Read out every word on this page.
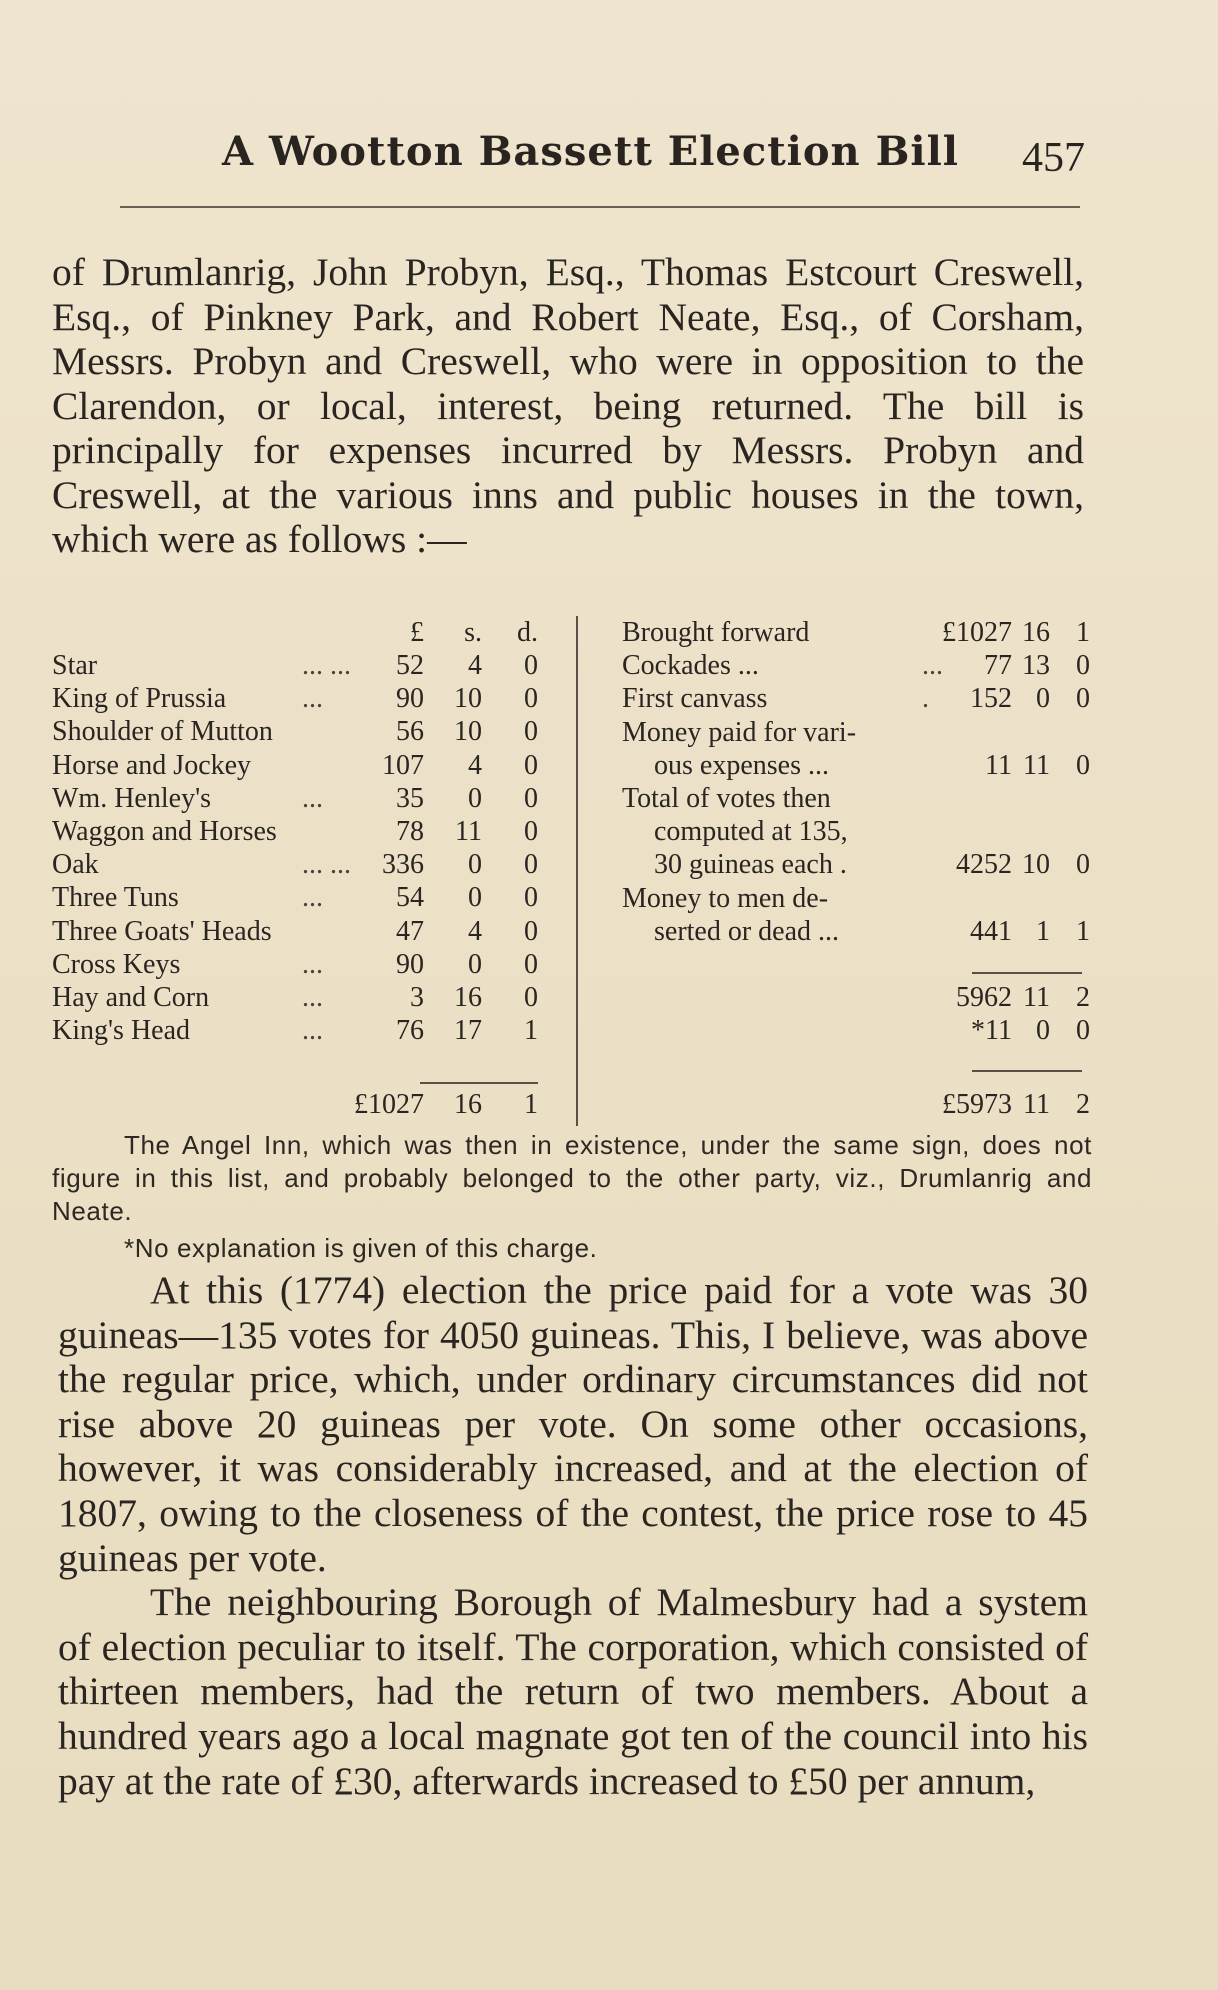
A Wootton Bassett Election Bill 457

of Drumlanrig, John Probyn, Esq., Thomas Estcourt Creswell, Esq., of Pinkney Park, and Robert Neate, Esq., of Corsham, Messrs. Probyn and Creswell, who were in opposition to the Clarendon, or local, interest, being returned. The bill is principally for expenses incurred by Messrs. Probyn and Creswell, at the various inns and public houses in the town, which were as follows :—

£	s.	d.
Star	... ...	52	4	0
King of Prussia	...	90	10	0
Shoulder of Mutton	56	10	0
Horse and Jockey	107	4	0
Wm. Henley's	...	35	0	0
Waggon and Horses	78	11	0
Oak	... ...	336	0	0
Three Tuns	...	54	0	0
Three Goats' Heads	47	4	0
Cross Keys	...	90	0	0
Hay and Corn	...	3	16	0
King's Head	...	76	17	1
£1027	16	1
Brought forward	£1027 16 1
Cockades ...	...	77 13 0
First canvass	.	152 0 0
Money paid for vari-
ous expenses ...	11 11 0
Total of votes then
computed at 135,
30 guineas each .	4252 10 0
Money to men de-
serted or dead ...	441 1 1
5962 11 2
*11 0 0
£5973 11 2

The Angel Inn, which was then in existence, under the same sign, does not figure in this list, and probably belonged to the other party, viz., Drumlanrig and Neate.

*No explanation is given of this charge.

At this (1774) election the price paid for a vote was 30 guineas—135 votes for 4050 guineas. This, I believe, was above the regular price, which, under ordinary circumstances did not rise above 20 guineas per vote. On some other occasions, however, it was considerably increased, and at the election of 1807, owing to the closeness of the contest, the price rose to 45 guineas per vote.

The neighbouring Borough of Malmesbury had a system of election peculiar to itself. The corporation, which consisted of thirteen members, had the return of two members. About a hundred years ago a local magnate got ten of the council into his pay at the rate of £30, afterwards increased to £50 per annum,
